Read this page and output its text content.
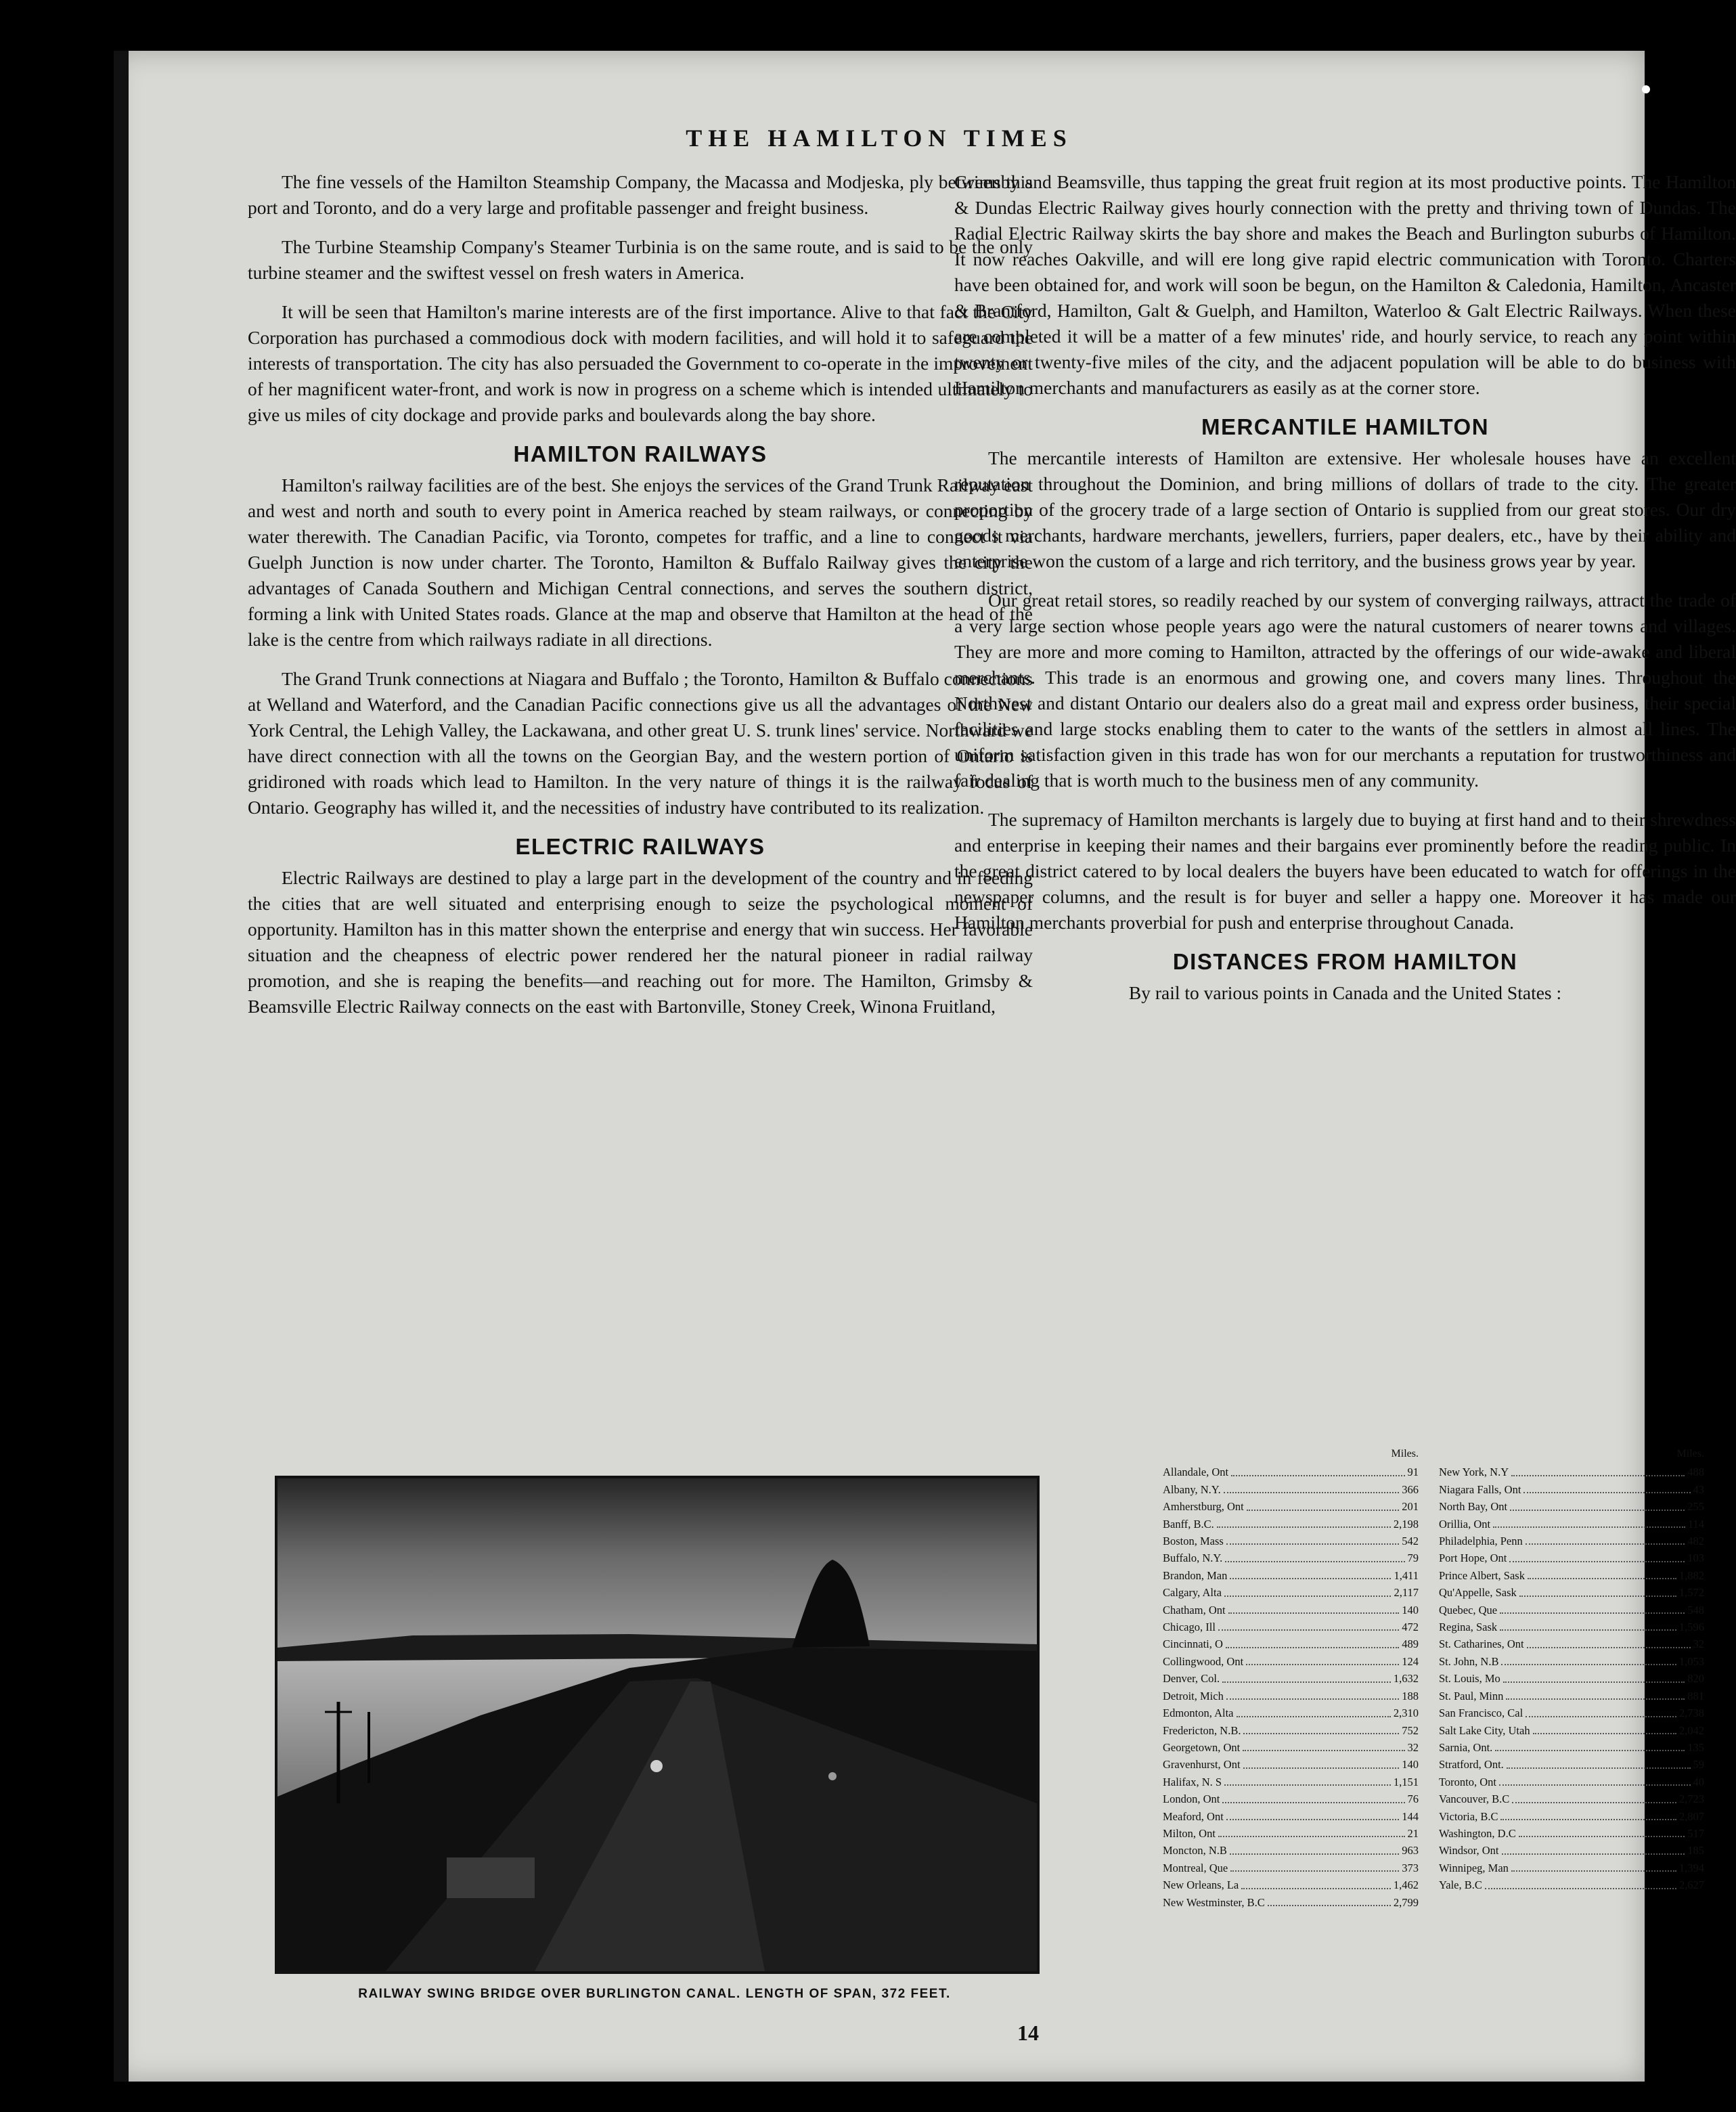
THE HAMILTON TIMES

The fine vessels of the Hamilton Steamship Company, the Macassa and Modjeska, ply between this port and Toronto, and do a very large and profitable passenger and freight business.

The Turbine Steamship Company's Steamer Turbinia is on the same route, and is said to be the only turbine steamer and the swiftest vessel on fresh waters in America.

It will be seen that Hamilton's marine interests are of the first importance. Alive to that fact the City Corporation has purchased a commodious dock with modern facilities, and will hold it to safeguard the interests of transportation. The city has also persuaded the Government to co-operate in the improvement of her magnificent water-front, and work is now in progress on a scheme which is intended ultimately to give us miles of city dockage and provide parks and boulevards along the bay shore.

HAMILTON RAILWAYS

Hamilton's railway facilities are of the best. She enjoys the services of the Grand Trunk Railway east and west and north and south to every point in America reached by steam railways, or connecting by water therewith. The Canadian Pacific, via Toronto, competes for traffic, and a line to connect it via Guelph Junction is now under charter. The Toronto, Hamilton & Buffalo Railway gives the city the advantages of Canada Southern and Michigan Central connections, and serves the southern district, forming a link with United States roads. Glance at the map and observe that Hamilton at the head of the lake is the centre from which railways radiate in all directions.

The Grand Trunk connections at Niagara and Buffalo ; the Toronto, Hamilton & Buffalo connections at Welland and Waterford, and the Canadian Pacific connections give us all the advantages of the New York Central, the Lehigh Valley, the Lackawana, and other great U. S. trunk lines' service. Northward we have direct connection with all the towns on the Georgian Bay, and the western portion of Ontario is gridironed with roads which lead to Hamilton. In the very nature of things it is the railway focus of Ontario. Geography has willed it, and the necessities of industry have contributed to its realization.

ELECTRIC RAILWAYS

Electric Railways are destined to play a large part in the development of the country and in feeding the cities that are well situated and enterprising enough to seize the psychological moment of opportunity. Hamilton has in this matter shown the enterprise and energy that win success. Her favorable situation and the cheapness of electric power rendered her the natural pioneer in radial railway promotion, and she is reaping the benefits—and reaching out for more. The Hamilton, Grimsby & Beamsville Electric Railway connects on the east with Bartonville, Stoney Creek, Winona Fruitland,

Grimsby and Beamsville, thus tapping the great fruit region at its most productive points. The Hamilton & Dundas Electric Railway gives hourly connection with the pretty and thriving town of Dundas. The Radial Electric Railway skirts the bay shore and makes the Beach and Burlington suburbs of Hamilton. It now reaches Oakville, and will ere long give rapid electric communication with Toronto. Charters have been obtained for, and work will soon be begun, on the Hamilton & Caledonia, Hamilton, Ancaster & Brantford, Hamilton, Galt & Guelph, and Hamilton, Waterloo & Galt Electric Railways. When these are completed it will be a matter of a few minutes' ride, and hourly service, to reach any point within twenty or twenty-five miles of the city, and the adjacent population will be able to do business with Hamilton merchants and manufacturers as easily as at the corner store.

MERCANTILE HAMILTON

The mercantile interests of Hamilton are extensive. Her wholesale houses have an excellent reputation throughout the Dominion, and bring millions of dollars of trade to the city. The greater proportion of the grocery trade of a large section of Ontario is supplied from our great stores. Our dry goods merchants, hardware merchants, jewellers, furriers, paper dealers, etc., have by their ability and enterprise won the custom of a large and rich territory, and the business grows year by year.

Our great retail stores, so readily reached by our system of converging railways, attract the trade of a very large section whose people years ago were the natural customers of nearer towns and villages. They are more and more coming to Hamilton, attracted by the offerings of our wide-awake and liberal merchants. This trade is an enormous and growing one, and covers many lines. Throughout the Northwest and distant Ontario our dealers also do a great mail and express order business, their special facilities and large stocks enabling them to cater to the wants of the settlers in almost all lines. The uniform satisfaction given in this trade has won for our merchants a reputation for trustworthiness and fair dealing that is worth much to the business men of any community.

The supremacy of Hamilton merchants is largely due to buying at first hand and to their shrewdness and enterprise in keeping their names and their bargains ever prominently before the reading public. In the great district catered to by local dealers the buyers have been educated to watch for offerings in the newspaper columns, and the result is for buyer and seller a happy one. Moreover it has made our Hamilton merchants proverbial for push and enterprise throughout Canada.

DISTANCES FROM HAMILTON
By rail to various points in Canada and the United States :
RAILWAY SWING BRIDGE OVER BURLINGTON CANAL. LENGTH OF SPAN, 372 FEET.
14
Miles.
Allandale, Ont	91
Albany, N.Y.	366
Amherstburg, Ont	201
Banff, B.C.	2,198
Boston, Mass	542
Buffalo, N.Y.	79
Brandon, Man	1,411
Calgary, Alta	2,117
Chatham, Ont	140
Chicago, Ill	472
Cincinnati, O	489
Collingwood, Ont	124
Denver, Col.	1,632
Detroit, Mich	188
Edmonton, Alta	2,310
Fredericton, N.B.	752
Georgetown, Ont	32
Gravenhurst, Ont	140
Halifax, N. S	1,151
London, Ont	76
Meaford, Ont	144
Milton, Ont	21
Moncton, N.B	963
Montreal, Que	373
New Orleans, La	1,462
New Westminster, B.C	2,799
Miles.
New York, N.Y	488
Niagara Falls, Ont	43
North Bay, Ont	255
Orillia, Ont	114
Philadelphia, Penn	482
Port Hope, Ont	103
Prince Albert, Sask	1,882
Qu'Appelle, Sask	1,572
Quebec, Que	548
Regina, Sask	1,596
St. Catharines, Ont	32
St. John, N.B	1,053
St. Louis, Mo	820
St. Paul, Minn	881
San Francisco, Cal	2,738
Salt Lake City, Utah	2,042
Sarnia, Ont.	135
Stratford, Ont.	59
Toronto, Ont	40
Vancouver, B.C	2,723
Victoria, B.C	2,807
Washington, D.C	517
Windsor, Ont	185
Winnipeg, Man	1,394
Yale, B.C	2,627
